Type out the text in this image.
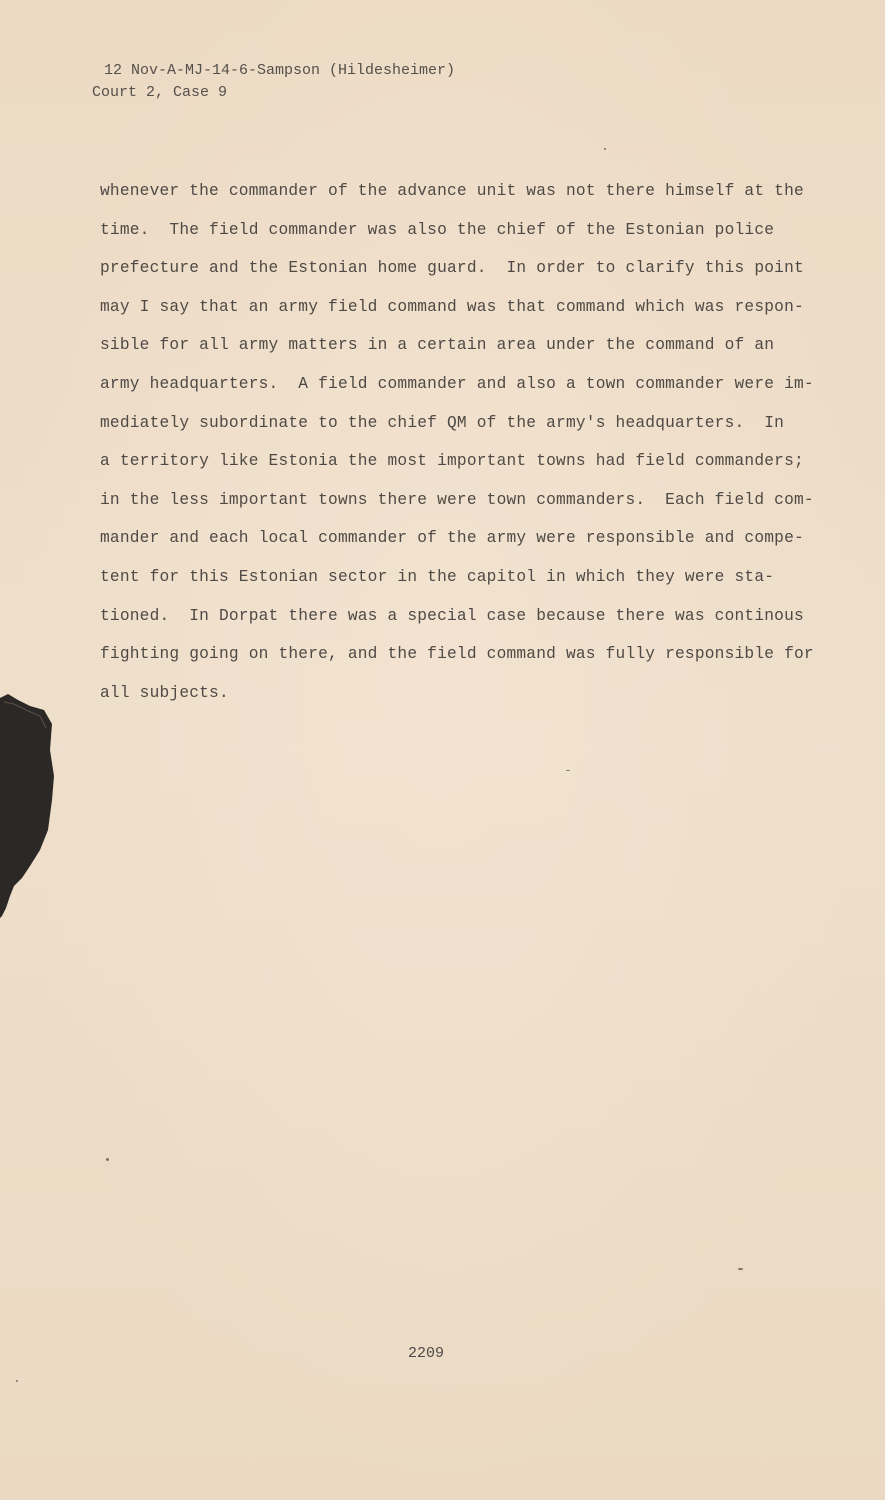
12 Nov-A-MJ-14-6-Sampson (Hildesheimer)
Court 2, Case 9
whenever the commander of the advance unit was not there himself at the
time.  The field commander was also the chief of the Estonian police
prefecture and the Estonian home guard.  In order to clarify this point
may I say that an army field command was that command which was respon-
sible for all army matters in a certain area under the command of an
army headquarters.  A field commander and also a town commander were im-
mediately subordinate to the chief QM of the army's headquarters.  In
a territory like Estonia the most important towns had field commanders;
in the less important towns there were town commanders.  Each field com-
mander and each local commander of the army were responsible and compe-
tent for this Estonian sector in the capitol in which they were sta-
tioned.  In Dorpat there was a special case because there was continous
fighting going on there, and the field command was fully responsible for
all subjects.
2209
